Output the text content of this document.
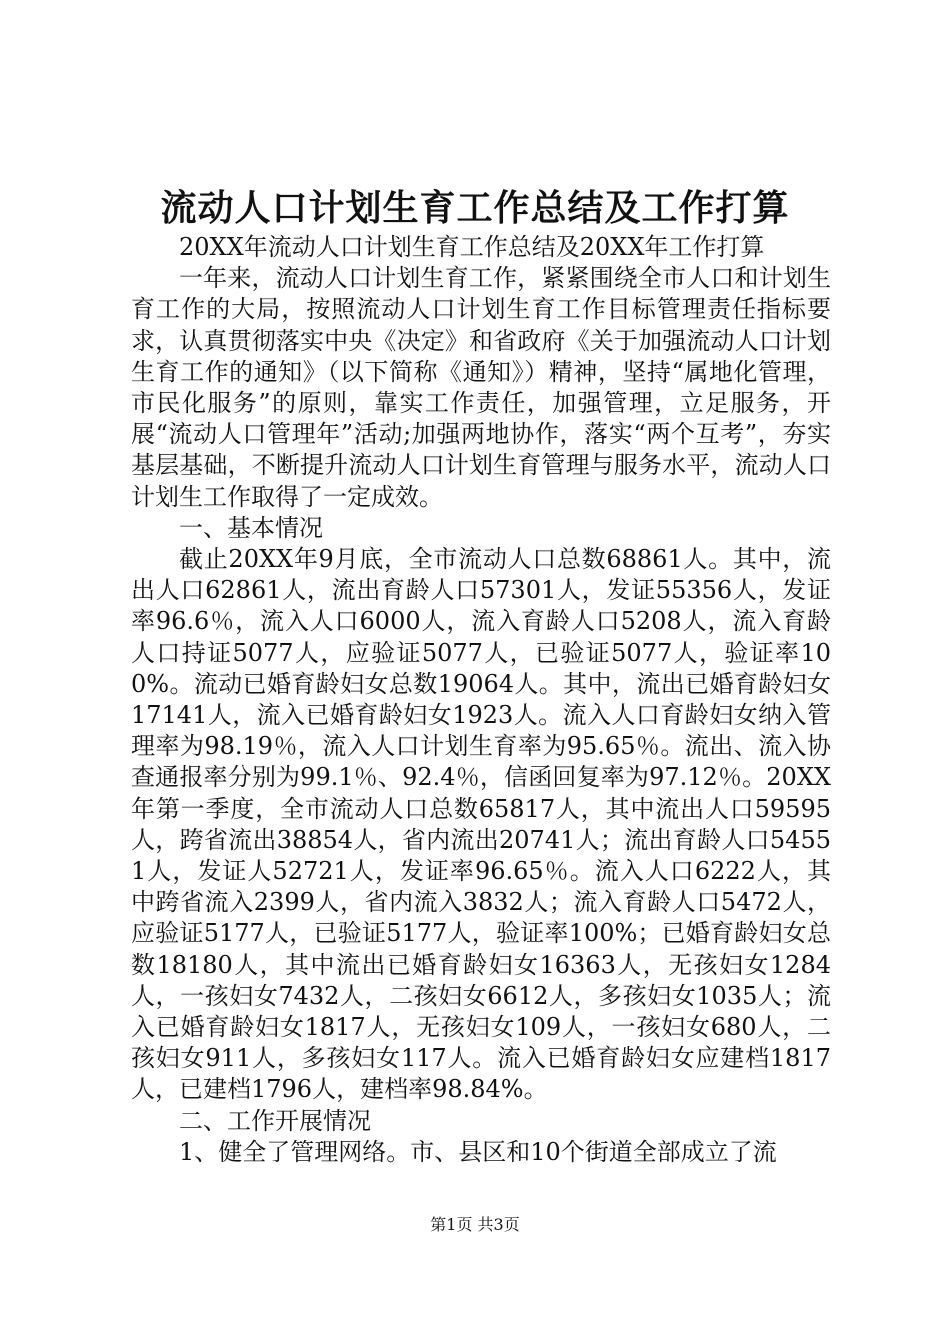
流动人口计划生育工作总结及工作打算

20XX年流动人口计划生育工作总结及20XX年工作打算

一年来，流动人口计划生育工作，紧紧围绕全市人口和计划生育工作的大局，按照流动人口计划生育工作目标管理责任指标要求，认真贯彻落实中央《决定》和省政府《关于加强流动人口计划生育工作的通知》（以下简称《通知》）精神，坚持“属地化管理，市民化服务”的原则，靠实工作责任，加强管理，立足服务，开展“流动人口管理年”活动;加强两地协作，落实“两个互考”，夯实基层基础，不断提升流动人口计划生育管理与服务水平，流动人口计划生工作取得了一定成效。

一、基本情况

截止20XX年9月底，全市流动人口总数68861人。其中，流出人口62861人，流出育龄人口57301人，发证55356人，发证率96.6％，流入人口6000人，流入育龄人口5208人，流入育龄人口持证5077人，应验证5077人，已验证5077人，验证率100%。流动已婚育龄妇女总数19064人。其中，流出已婚育龄妇女17141人，流入已婚育龄妇女1923人。流入人口育龄妇女纳入管理率为98.19％，流入人口计划生育率为95.65％。流出、流入协查通报率分别为99.1％、92.4％，信函回复率为97.12％。20XX年第一季度，全市流动人口总数65817人，其中流出人口59595人，跨省流出38854人，省内流出20741人；流出育龄人口54551人，发证人52721人，发证率96.65％。流入人口6222人，其中跨省流入2399人，省内流入3832人；流入育龄人口5472人，应验证5177人，已验证5177人，验证率100%；已婚育龄妇女总数18180人，其中流出已婚育龄妇女16363人，无孩妇女1284人，一孩妇女7432人，二孩妇女6612人，多孩妇女1035人；流入已婚育龄妇女1817人，无孩妇女109人，一孩妇女680人，二孩妇女911人，多孩妇女117人。流入已婚育龄妇女应建档1817人，已建档1796人，建档率98.84%。

二、工作开展情况

1、健全了管理网络。市、县区和10个街道全部成立了流

第1页 共3页
